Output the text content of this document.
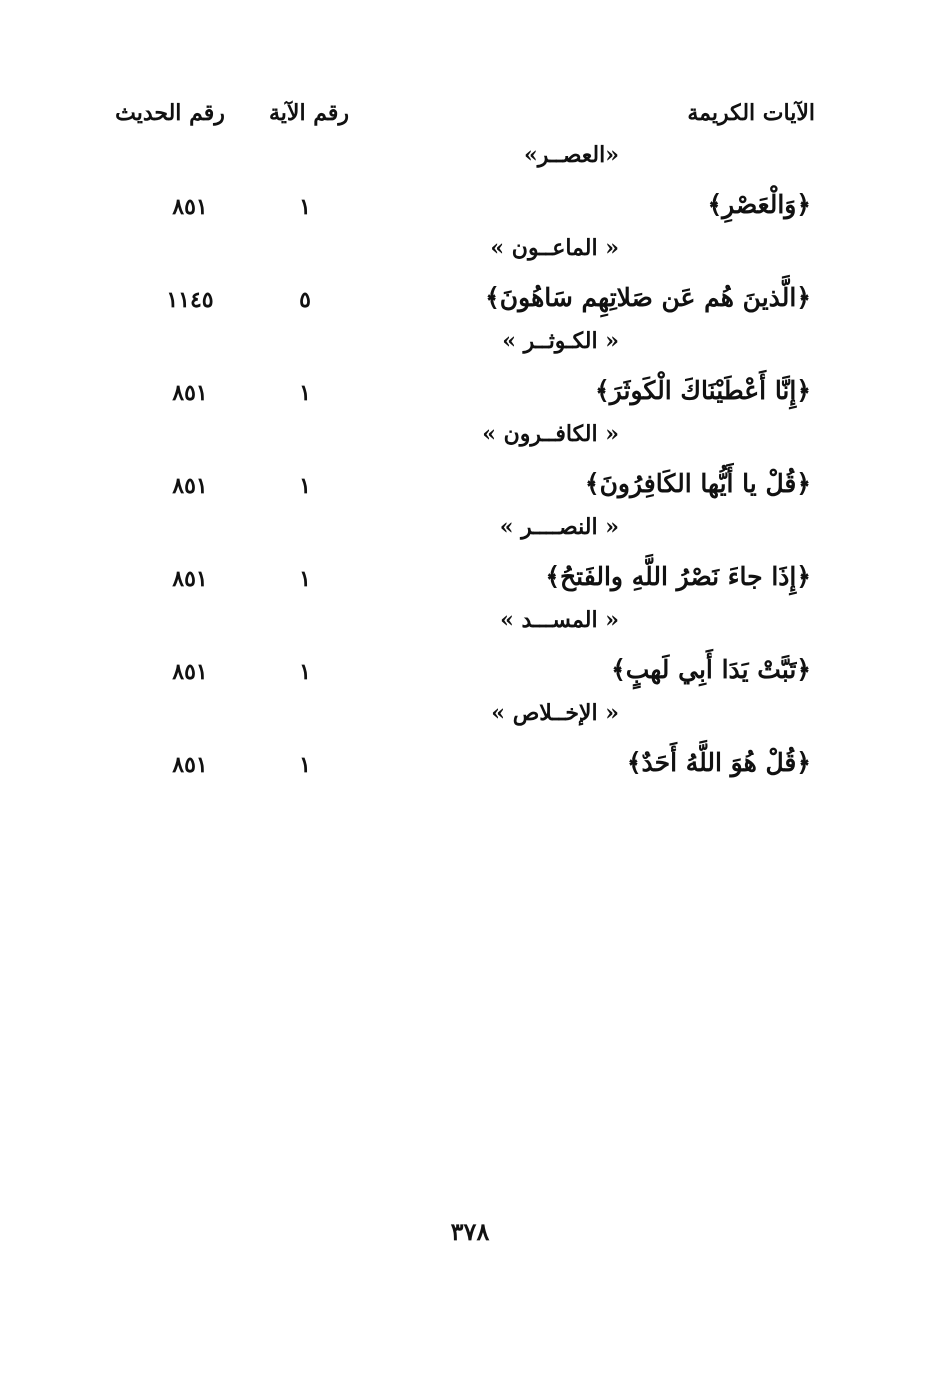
الآيات الكريمة
رقم الآية
رقم الحديث
«العصــر»
﴿وَالْعَصْرِ﴾
١
٨٥١
« الماعــون »
﴿الَّذينَ هُم عَن صَلاتِهِم سَاهُونَ﴾
٥
١١٤٥
« الكـوثــر »
﴿إِنَّا أَعْطَيْنَاكَ الْكَوثَرَ﴾
١
٨٥١
« الكافــرون »
﴿قُلْ يا أَيُّها الكَافِرُونَ﴾
١
٨٥١
« النصــــر »
﴿إِذَا جاءَ نَصْرُ اللَّهِ والفَتحُ﴾
١
٨٥١
« المســـد »
﴿تَبَّتْ يَدَا أَبِي لَهبٍ﴾
١
٨٥١
« الإخــلاص »
﴿قُلْ هُوَ اللَّهُ أَحَدٌ﴾
١
٨٥١
٣٧٨
